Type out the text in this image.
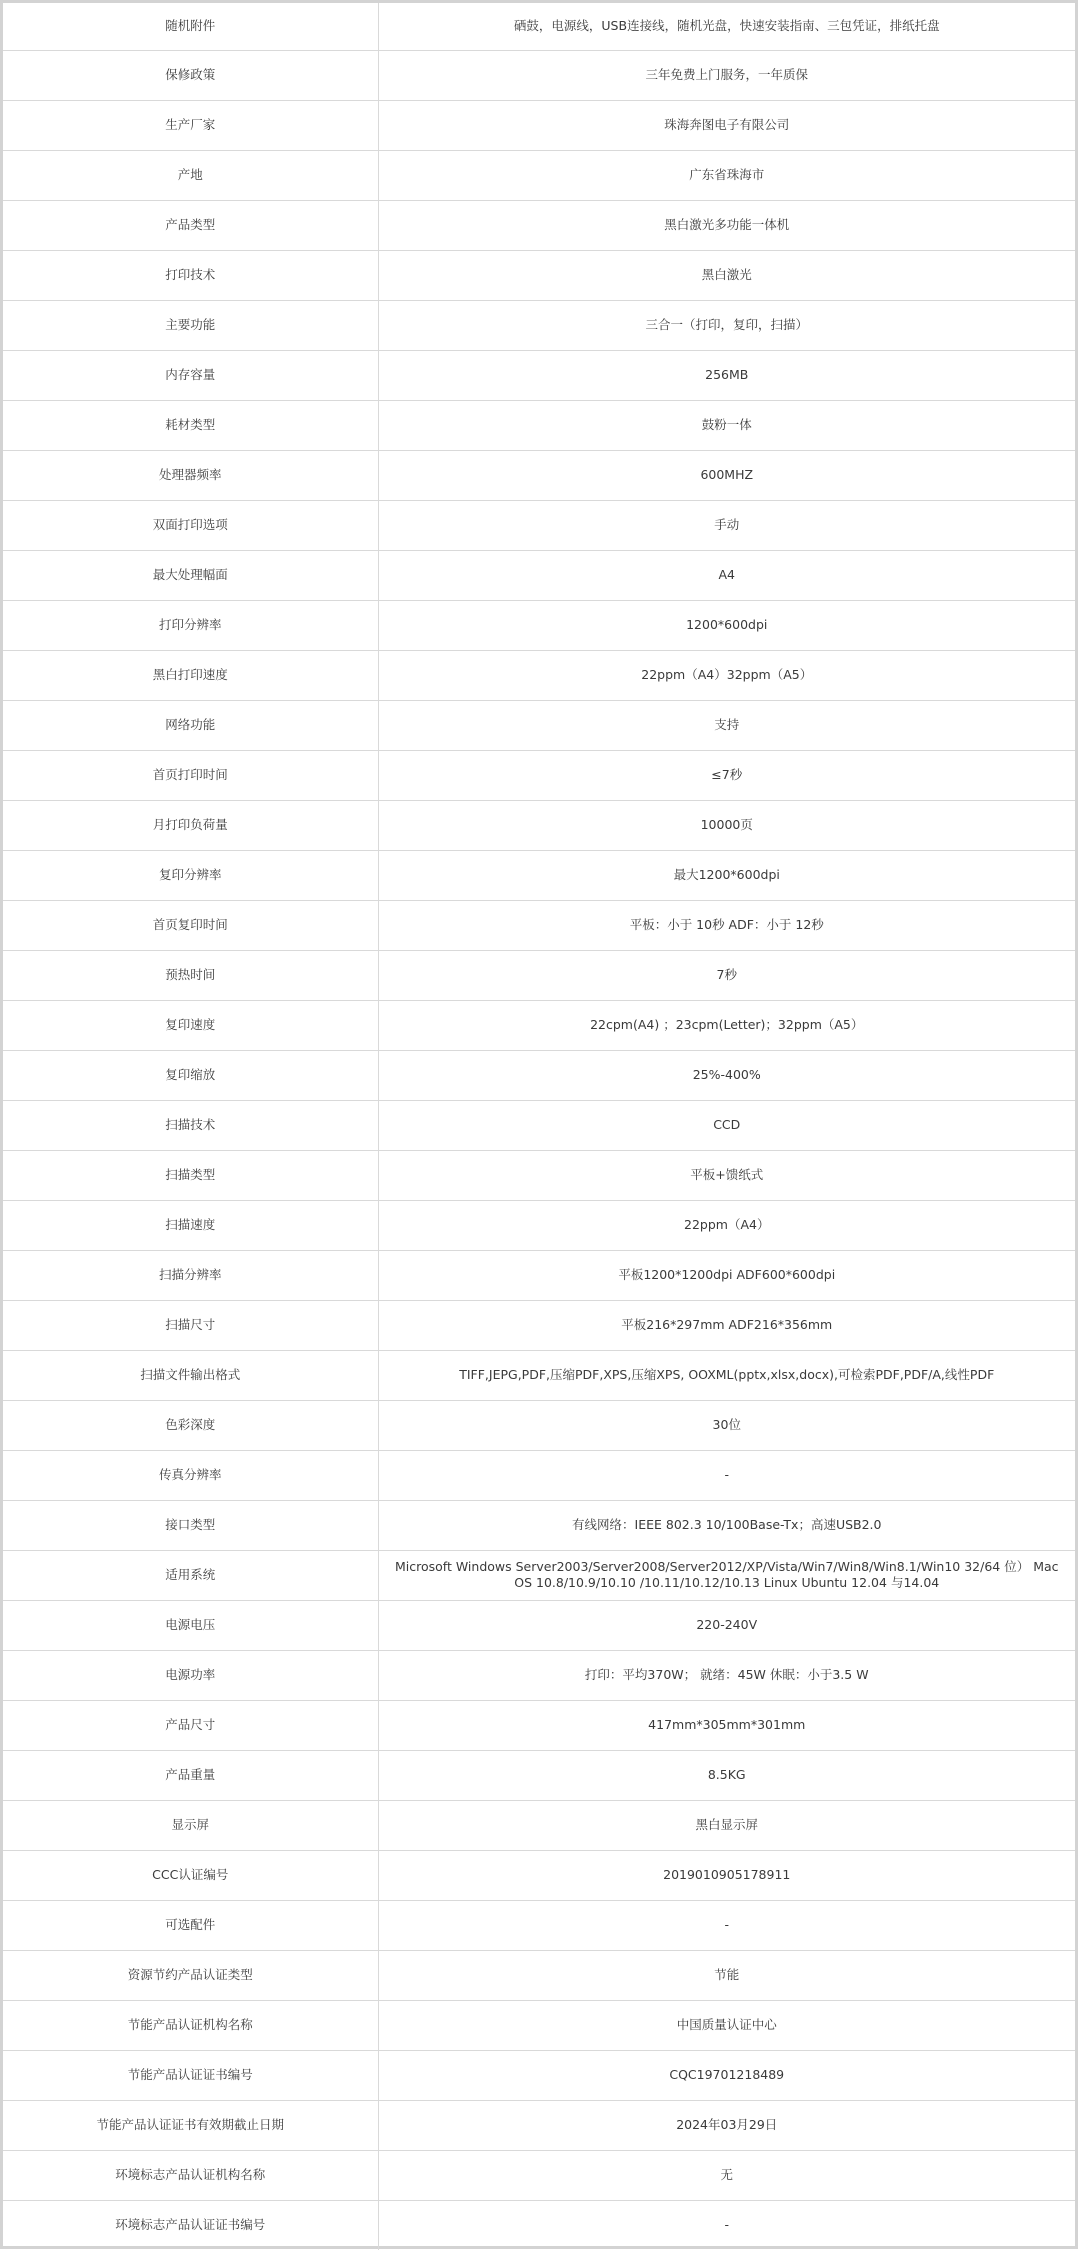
随机附件	硒鼓，电源线，USB连接线，随机光盘，快速安装指南、三包凭证，排纸托盘
保修政策	三年免费上门服务，一年质保
生产厂家	珠海奔图电子有限公司
产地	广东省珠海市
产品类型	黑白激光多功能一体机
打印技术	黑白激光
主要功能	三合一（打印，复印，扫描）
内存容量	256MB
耗材类型	鼓粉一体
处理器频率	600MHZ
双面打印选项	手动
最大处理幅面	A4
打印分辨率	1200*600dpi
黑白打印速度	22ppm（A4）32ppm（A5）
网络功能	支持
首页打印时间	≤7秒
月打印负荷量	10000页
复印分辨率	最大1200*600dpi
首页复印时间	平板：小于 10秒 ADF：小于 12秒
预热时间	7秒
复印速度	22cpm(A4) ；23cpm(Letter)；32ppm（A5）
复印缩放	25%-400%
扫描技术	CCD
扫描类型	平板+馈纸式
扫描速度	22ppm（A4）
扫描分辨率	平板1200*1200dpi ADF600*600dpi
扫描尺寸	平板216*297mm ADF216*356mm
扫描文件输出格式	TIFF,JEPG,PDF,压缩PDF,XPS,压缩XPS, OOXML(pptx,xlsx,docx),可检索PDF,PDF/A,线性PDF
色彩深度	30位
传真分辨率	-
接口类型	有线网络：IEEE 802.3 10/100Base-Tx；高速USB2.0
适用系统	Microsoft Windows Server2003/Server2008/Server2012/XP/Vista/Win7/Win8/Win8.1/Win10 32/64 位） Mac OS 10.8/10.9/10.10 /10.11/10.12/10.13 Linux Ubuntu 12.04 与14.04
电源电压	220-240V
电源功率	打印：平均370W； 就绪：45W 休眠：小于3.5 W
产品尺寸	417mm*305mm*301mm
产品重量	8.5KG
显示屏	黑白显示屏
CCC认证编号	2019010905178911
可选配件	-
资源节约产品认证类型	节能
节能产品认证机构名称	中国质量认证中心
节能产品认证证书编号	CQC19701218489
节能产品认证证书有效期截止日期	2024年03月29日
环境标志产品认证机构名称	无
环境标志产品认证证书编号	-
